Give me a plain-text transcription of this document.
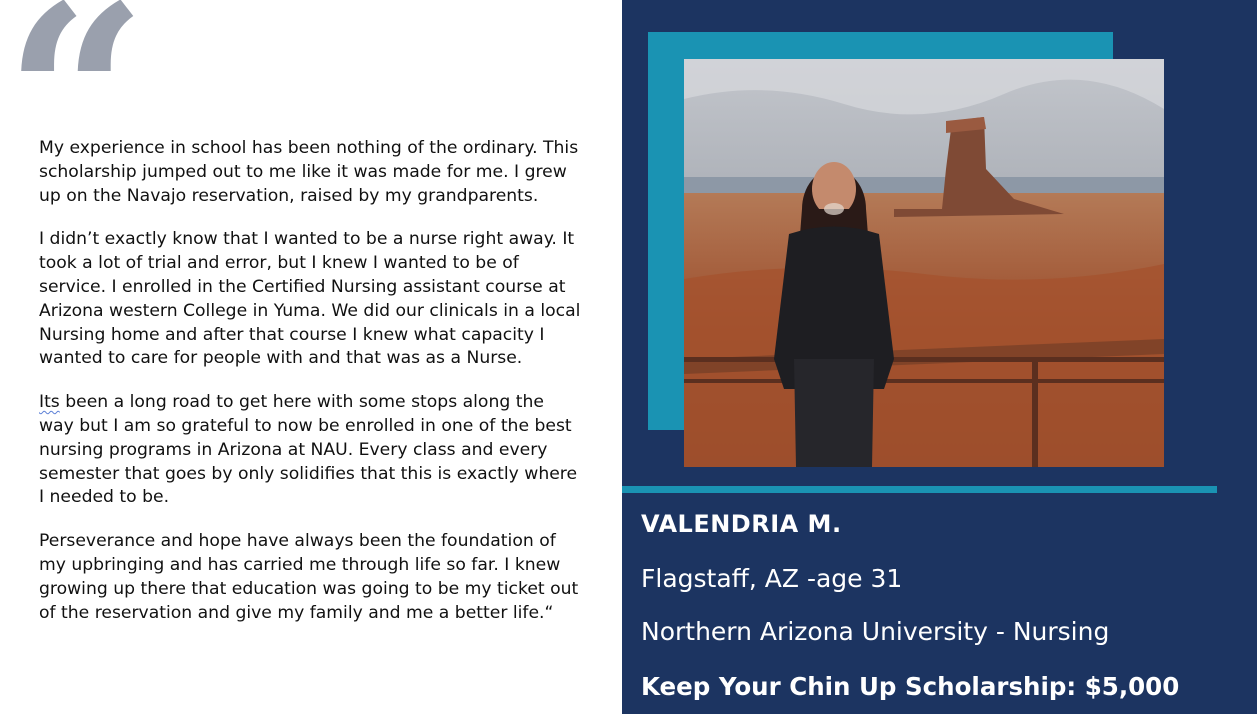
“

My experience in school has been nothing of the ordinary. This scholarship jumped out to me like it was made for me. I grew up on the Navajo reservation, raised by my grandparents.

I didn’t exactly know that I wanted to be a nurse right away. It took a lot of trial and error, but I knew I wanted to be of service. I enrolled in the Certified Nursing assistant course at Arizona western College in Yuma. We did our clinicals in a local Nursing home and after that course I knew what capacity I wanted to care for people with and that was as a Nurse.

Its been a long road to get here with some stops along the way but I am so grateful to now be enrolled in one of the best nursing programs in Arizona at NAU. Every class and every semester that goes by only solidifies that this is exactly where I needed to be.

Perseverance and hope have always been the foundation of my upbringing and has carried me through life so far. I knew growing up there that education was going to be my ticket out of the reservation and give my family and me a better life.“

VALENDRIA M.
Flagstaff, AZ -age 31
Northern Arizona University - Nursing
Keep Your Chin Up Scholarship: $5,000
